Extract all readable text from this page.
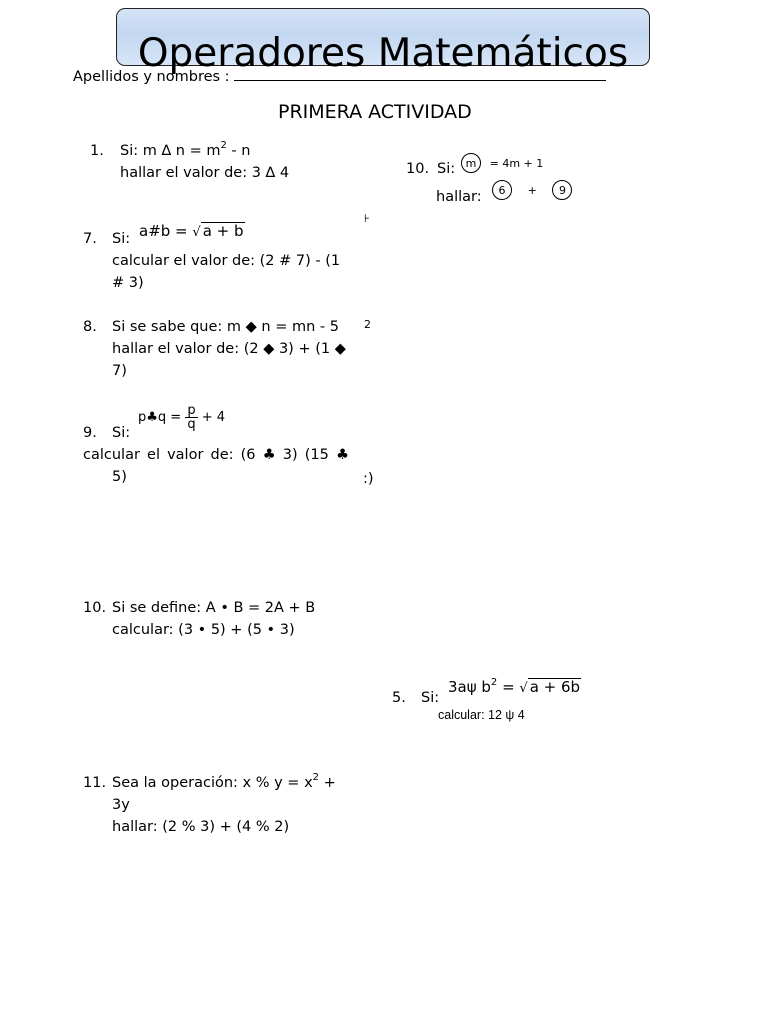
Operadores Matemáticos
Apellidos y nombres :
PRIMERA ACTIVIDAD
1. Si: m ∆ $n = m^2 - n$
hallar el valor de: 3 ∆ 4	10. Si: m = 4m + 1
hallar:	6 + 9
7. Si: a#b = √ a + b
⊦
calcular el valor de: (2 # 7) - (1
# 3)
8. Si se sabe que: m ◆ n = mn - 5 2
hallar el valor de: (2 ◆ 3) + (1 ◆
7)
p♣q = $\frac{p}{q} + 4$
9. Si:
calcular el valor de: (6 ♣ 3) (15 ♣
5)	:)
10. Si se define: A • B = 2A + B
calcular: (3 • 5) + (5 • 3)
5. Si:
3aψ $b^2$ = √ a + 6b
calcular: 12 ψ 4
11. Sea la operación: x % $y = x^2$ +
3y
hallar: (2 % 3) + (4 % 2)
